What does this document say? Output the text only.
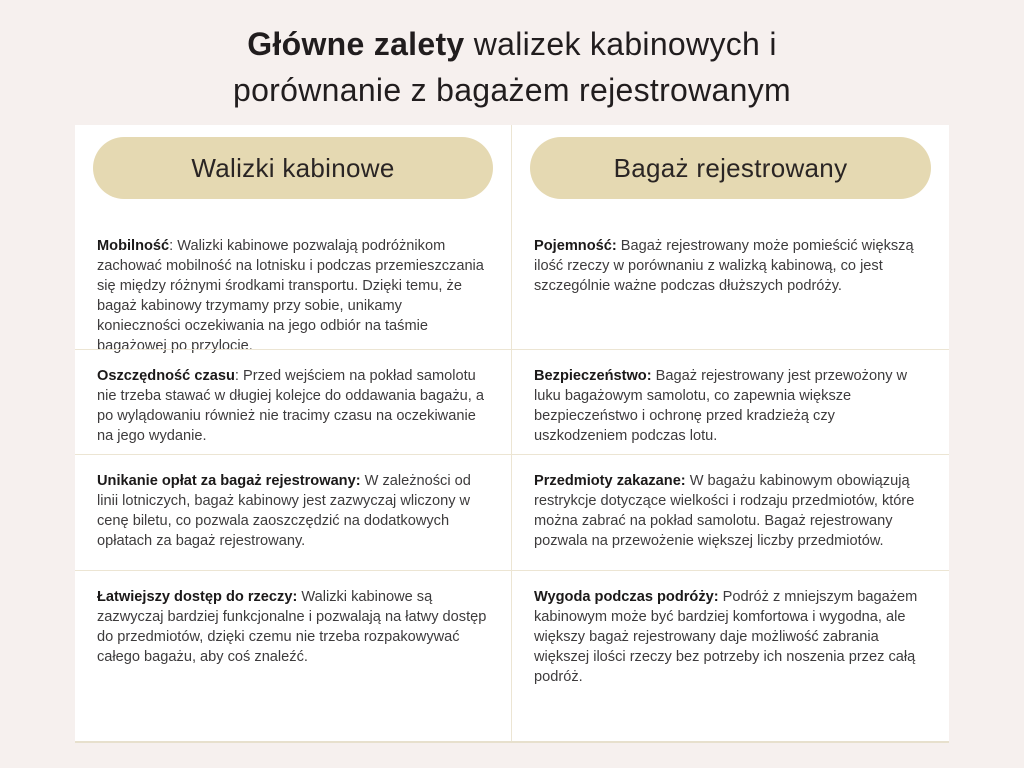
Główne zalety walizek kabinowych i
porównanie z bagażem rejestrowanym
Walizki kabinowe	Bagaż rejestrowany
Mobilność: Walizki kabinowe pozwalają podróżnikom zachować mobilność na lotnisku i podczas przemieszczania się między różnymi środkami transportu. Dzięki temu, że bagaż kabinowy trzymamy przy sobie, unikamy konieczności oczekiwania na jego odbiór na taśmie bagażowej po przylocie.
Pojemność: Bagaż rejestrowany może pomieścić większą ilość rzeczy w porównaniu z walizką kabinową, co jest szczególnie ważne podczas dłuższych podróży.
Oszczędność czasu: Przed wejściem na pokład samolotu nie trzeba stawać w długiej kolejce do oddawania bagażu, a po wylądowaniu również nie tracimy czasu na oczekiwanie na jego wydanie.
Bezpieczeństwo: Bagaż rejestrowany jest przewożony w luku bagażowym samolotu, co zapewnia większe bezpieczeństwo i ochronę przed kradzieżą czy uszkodzeniem podczas lotu.
Unikanie opłat za bagaż rejestrowany: W zależności od linii lotniczych, bagaż kabinowy jest zazwyczaj wliczony w cenę biletu, co pozwala zaoszczędzić na dodatkowych opłatach za bagaż rejestrowany.
Przedmioty zakazane: W bagażu kabinowym obowiązują restrykcje dotyczące wielkości i rodzaju przedmiotów, które można zabrać na pokład samolotu. Bagaż rejestrowany pozwala na przewożenie większej liczby przedmiotów.
Łatwiejszy dostęp do rzeczy: Walizki kabinowe są zazwyczaj bardziej funkcjonalne i pozwalają na łatwy dostęp do przedmiotów, dzięki czemu nie trzeba rozpakowywać całego bagażu, aby coś znaleźć.
Wygoda podczas podróży: Podróż z mniejszym bagażem kabinowym może być bardziej komfortowa i wygodna, ale większy bagaż rejestrowany daje możliwość zabrania większej ilości rzeczy bez potrzeby ich noszenia przez całą podróż.
